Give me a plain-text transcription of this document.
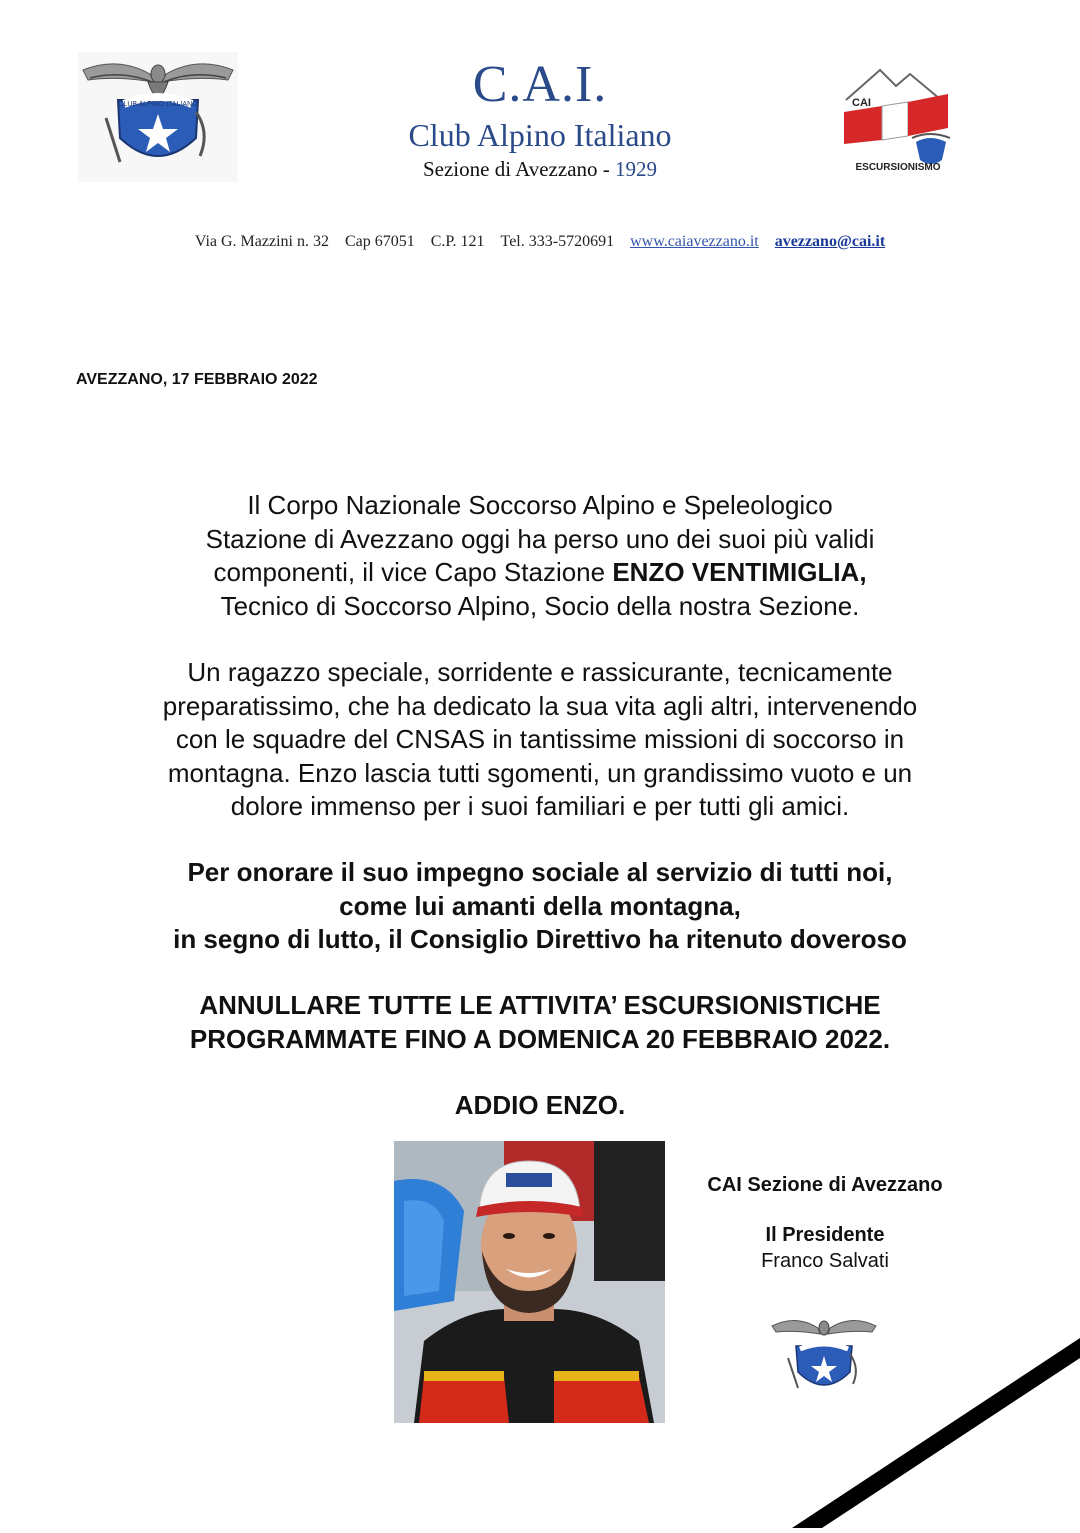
CLUB ALPINO ITALIANO	C.A.I.
Club Alpino Italiano
Sezione di Avezzano - 1929
CAI
ESCURSIONISMO
Via G. Mazzini n. 32 Cap 67051 C.P. 121 Tel. 333-5720691 www.caiavezzano.it avezzano@cai.it
AVEZZANO, 17 FEBBRAIO 2022

Il Corpo Nazionale Soccorso Alpino e Speleologico

Stazione di Avezzano oggi ha perso uno dei suoi più validi

componenti, il vice Capo Stazione ENZO VENTIMIGLIA,

Tecnico di Soccorso Alpino, Socio della nostra Sezione.

Un ragazzo speciale, sorridente e rassicurante, tecnicamente

preparatissimo, che ha dedicato la sua vita agli altri, intervenendo

con le squadre del CNSAS in tantissime missioni di soccorso in

montagna. Enzo lascia tutti sgomenti, un grandissimo vuoto e un

dolore immenso per i suoi familiari e per tutti gli amici.

Per onorare il suo impegno sociale al servizio di tutti noi,

come lui amanti della montagna,

in segno di lutto, il Consiglio Direttivo ha ritenuto doveroso

ANNULLARE TUTTE LE ATTIVITA’ ESCURSIONISTICHE

PROGRAMMATE FINO A DOMENICA 20 FEBBRAIO 2022.

ADDIO ENZO.

CAI Sezione di Avezzano
Il Presidente
Franco Salvati
